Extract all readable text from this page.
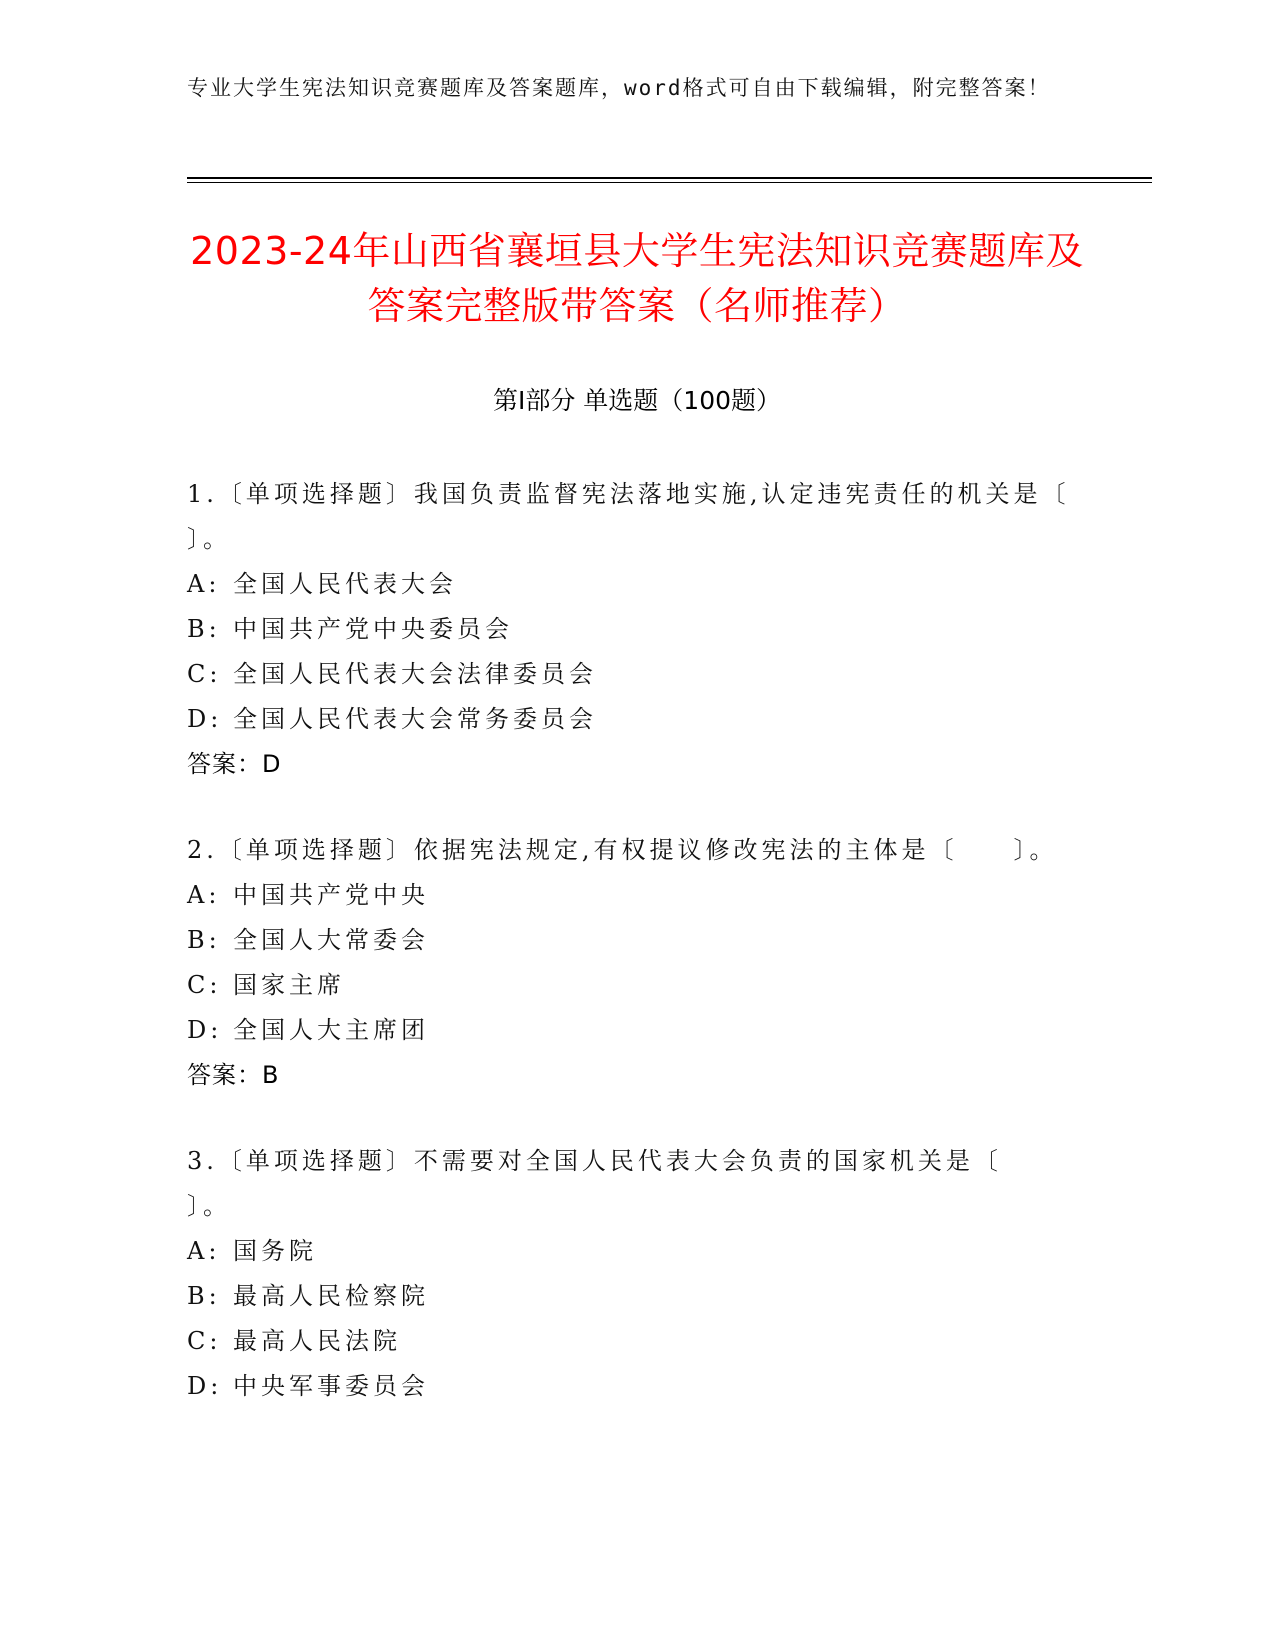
专业大学生宪法知识竞赛题库及答案题库，word格式可自由下载编辑，附完整答案！
2023-24年山西省襄垣县大学生宪法知识竞赛题库及答案完整版带答案（名师推荐）
第I部分 单选题（100题）
1.〔单项选择题〕我国负责监督宪法落地实施,认定违宪责任的机关是〔　　〕。
A: 全国人民代表大会
B: 中国共产党中央委员会
C: 全国人民代表大会法律委员会
D: 全国人民代表大会常务委员会
答案：D
2.〔单项选择题〕依据宪法规定,有权提议修改宪法的主体是〔　　〕。
A: 中国共产党中央
B: 全国人大常委会
C: 国家主席
D: 全国人大主席团
答案：B
3.〔单项选择题〕不需要对全国人民代表大会负责的国家机关是〔　　〕。
A: 国务院
B: 最高人民检察院
C: 最高人民法院
D: 中央军事委员会
